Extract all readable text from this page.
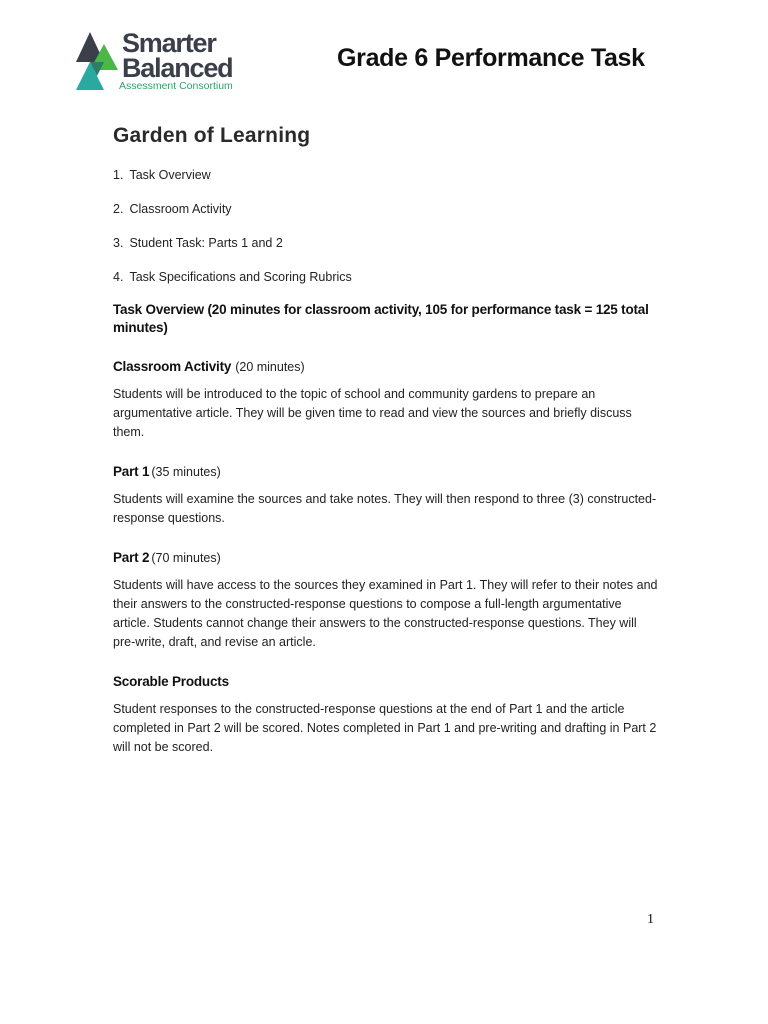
Smarter
Balanced
Assessment Consortium
Grade 6 Performance Task
Garden of Learning
1. Task Overview
2. Classroom Activity
3. Student Task: Parts 1 and 2
4. Task Specifications and Scoring Rubrics
Task Overview (20 minutes for classroom activity, 105 for performance task = 125 total minutes)
Classroom Activity (20 minutes)

Students will be introduced to the topic of school and community gardens to prepare an argumentative article. They will be given time to read and view the sources and briefly discuss them.

Part 1 (35 minutes)

Students will examine the sources and take notes. They will then respond to three (3) constructed-response questions.

Part 2 (70 minutes)

Students will have access to the sources they examined in Part 1. They will refer to their notes and their answers to the constructed-response questions to compose a full-length argumentative article. Students cannot change their answers to the constructed-response questions. They will pre-write, draft, and revise an article.

Scorable Products

Student responses to the constructed-response questions at the end of Part 1 and the article completed in Part 2 will be scored. Notes completed in Part 1 and pre-writing and drafting in Part 2 will not be scored.

1
